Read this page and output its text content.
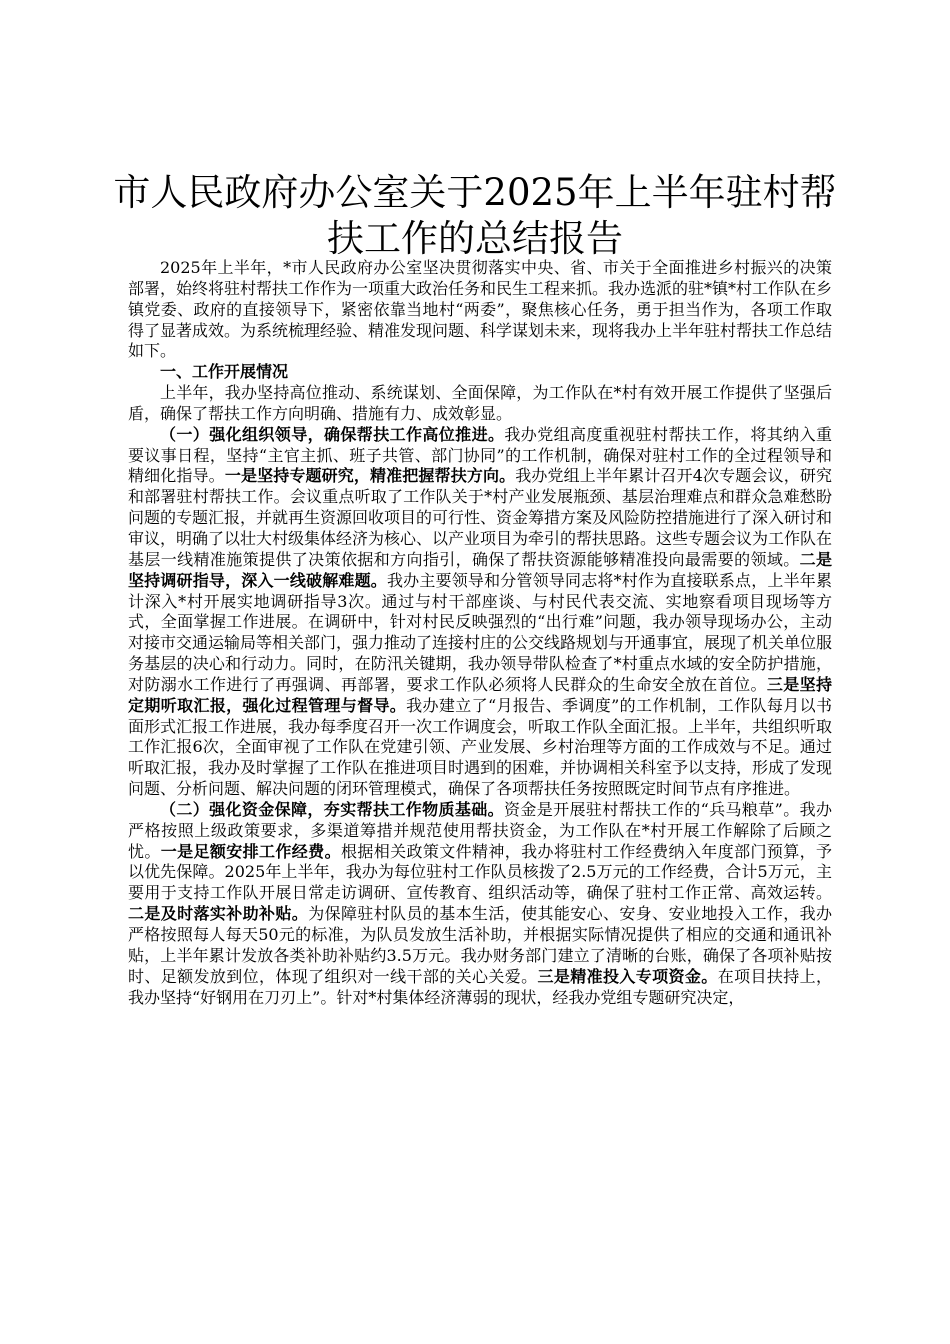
市人民政府办公室关于2025年上半年驻村帮
扶工作的总结报告

2025年上半年，*市人民政府办公室坚决贯彻落实中央、省、市关于全面推进乡村振兴的决策部署，始终将驻村帮扶工作作为一项重大政治任务和民生工程来抓。我办选派的驻*镇*村工作队在乡镇党委、政府的直接领导下，紧密依靠当地村“两委”，聚焦核心任务，勇于担当作为，各项工作取得了显著成效。为系统梳理经验、精准发现问题、科学谋划未来，现将我办上半年驻村帮扶工作总结如下。

一、工作开展情况

上半年，我办坚持高位推动、系统谋划、全面保障，为工作队在*村有效开展工作提供了坚强后盾，确保了帮扶工作方向明确、措施有力、成效彰显。

（一）强化组织领导，确保帮扶工作高位推进。我办党组高度重视驻村帮扶工作，将其纳入重要议事日程，坚持“主官主抓、班子共管、部门协同”的工作机制，确保对驻村工作的全过程领导和精细化指导。一是坚持专题研究，精准把握帮扶方向。我办党组上半年累计召开4次专题会议，研究和部署驻村帮扶工作。会议重点听取了工作队关于*村产业发展瓶颈、基层治理难点和群众急难愁盼问题的专题汇报，并就再生资源回收项目的可行性、资金筹措方案及风险防控措施进行了深入研讨和审议，明确了以壮大村级集体经济为核心、以产业项目为牵引的帮扶思路。这些专题会议为工作队在基层一线精准施策提供了决策依据和方向指引，确保了帮扶资源能够精准投向最需要的领域。二是坚持调研指导，深入一线破解难题。我办主要领导和分管领导同志将*村作为直接联系点，上半年累计深入*村开展实地调研指导3次。通过与村干部座谈、与村民代表交流、实地察看项目现场等方式，全面掌握工作进展。在调研中，针对村民反映强烈的“出行难”问题，我办领导现场办公，主动对接市交通运输局等相关部门，强力推动了连接村庄的公交线路规划与开通事宜，展现了机关单位服务基层的决心和行动力。同时，在防汛关键期，我办领导带队检查了*村重点水域的安全防护措施，对防溺水工作进行了再强调、再部署，要求工作队必须将人民群众的生命安全放在首位。三是坚持定期听取汇报，强化过程管理与督导。我办建立了“月报告、季调度”的工作机制，工作队每月以书面形式汇报工作进展，我办每季度召开一次工作调度会，听取工作队全面汇报。上半年，共组织听取工作汇报6次，全面审视了工作队在党建引领、产业发展、乡村治理等方面的工作成效与不足。通过听取汇报，我办及时掌握了工作队在推进项目时遇到的困难，并协调相关科室予以支持，形成了发现问题、分析问题、解决问题的闭环管理模式，确保了各项帮扶任务按照既定时间节点有序推进。

（二）强化资金保障，夯实帮扶工作物质基础。资金是开展驻村帮扶工作的“兵马粮草”。我办严格按照上级政策要求，多渠道筹措并规范使用帮扶资金，为工作队在*村开展工作解除了后顾之忧。一是足额安排工作经费。根据相关政策文件精神，我办将驻村工作经费纳入年度部门预算，予以优先保障。2025年上半年，我办为每位驻村工作队员核拨了2.5万元的工作经费，合计5万元，主要用于支持工作队开展日常走访调研、宣传教育、组织活动等，确保了驻村工作正常、高效运转。二是及时落实补助补贴。为保障驻村队员的基本生活，使其能安心、安身、安业地投入工作，我办严格按照每人每天50元的标准，为队员发放生活补助，并根据实际情况提供了相应的交通和通讯补贴，上半年累计发放各类补助补贴约3.5万元。我办财务部门建立了清晰的台账，确保了各项补贴按时、足额发放到位，体现了组织对一线干部的关心关爱。三是精准投入专项资金。在项目扶持上，我办坚持“好钢用在刀刃上”。针对*村集体经济薄弱的现状，经我办党组专题研究决定，
